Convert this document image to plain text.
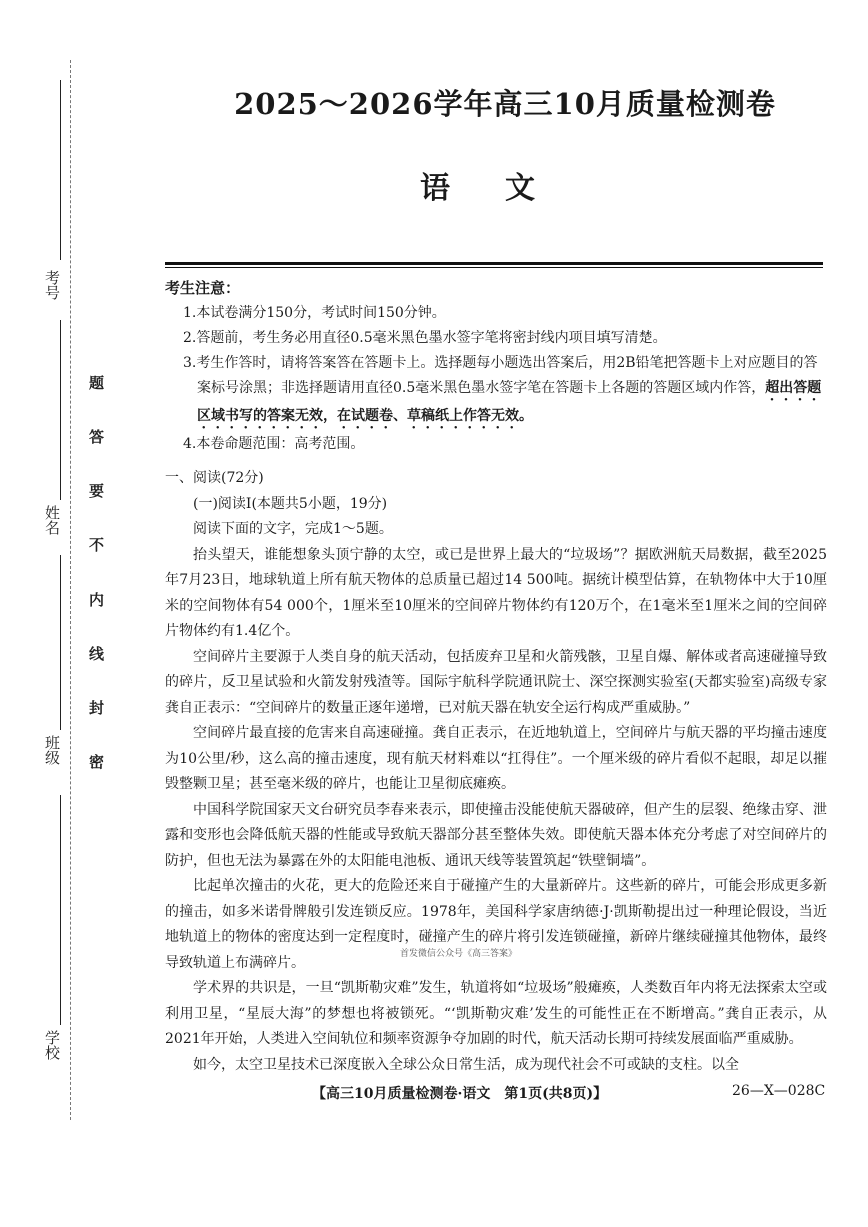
考号
姓名
班级
学校
题
答
要
不
内
线
封
密
2025～2026学年高三10月质量检测卷
语文
考生注意：

1.本试卷满分150分，考试时间150分钟。

2.答题前，考生务必用直径0.5毫米黑色墨水签字笔将密封线内项目填写清楚。

3.考生作答时，请将答案答在答题卡上。选择题每小题选出答案后，用2B铅笔把答题卡上对应题目的答案标号涂黑；非选择题请用直径0.5毫米黑色墨水签字笔在答题卡上各题的答题区域内作答，超出答题区域书写的答案无效，在试题卷、草稿纸上作答无效。

4.本卷命题范围：高考范围。

一、阅读(72分)

(一)阅读Ⅰ(本题共5小题，19分)

阅读下面的文字，完成1～5题。

抬头望天，谁能想象头顶宁静的太空，或已是世界上最大的“垃圾场”？据欧洲航天局数据，截至2025年7月23日，地球轨道上所有航天物体的总质量已超过14 500吨。据统计模型估算，在轨物体中大于10厘米的空间物体有54 000个，1厘米至10厘米的空间碎片物体约有120万个，在1毫米至1厘米之间的空间碎片物体约有1.4亿个。

空间碎片主要源于人类自身的航天活动，包括废弃卫星和火箭残骸，卫星自爆、解体或者高速碰撞导致的碎片，反卫星试验和火箭发射残渣等。国际宇航科学院通讯院士、深空探测实验室(天都实验室)高级专家龚自正表示：“空间碎片的数量正逐年递增，已对航天器在轨安全运行构成严重威胁。”

空间碎片最直接的危害来自高速碰撞。龚自正表示，在近地轨道上，空间碎片与航天器的平均撞击速度为10公里/秒，这么高的撞击速度，现有航天材料难以“扛得住”。一个厘米级的碎片看似不起眼，却足以摧毁整颗卫星；甚至毫米级的碎片，也能让卫星彻底瘫痪。

中国科学院国家天文台研究员李春来表示，即使撞击没能使航天器破碎，但产生的层裂、绝缘击穿、泄露和变形也会降低航天器的性能或导致航天器部分甚至整体失效。即使航天器本体充分考虑了对空间碎片的防护，但也无法为暴露在外的太阳能电池板、通讯天线等装置筑起“铁壁铜墙”。

比起单次撞击的火花，更大的危险还来自于碰撞产生的大量新碎片。这些新的碎片，可能会形成更多新的撞击，如多米诺骨牌般引发连锁反应。1978年，美国科学家唐纳德·J·凯斯勒提出过一种理论假设，当近地轨道上的物体的密度达到一定程度时，碰撞产生的碎片将引发连锁碰撞，新碎片继续碰撞其他物体，最终导致轨道上布满碎片。

学术界的共识是，一旦“凯斯勒灾难”发生，轨道将如“垃圾场”般瘫痪，人类数百年内将无法探索太空或利用卫星，“星辰大海”的梦想也将被锁死。“‘凯斯勒灾难’发生的可能性正在不断增高。”龚自正表示，从2021年开始，人类进入空间轨位和频率资源争夺加剧的时代，航天活动长期可持续发展面临严重威胁。

如今，太空卫星技术已深度嵌入全球公众日常生活，成为现代社会不可或缺的支柱。以全

首发微信公众号《高三答案》
【高三10月质量检测卷·语文　第1页(共8页)】	26—X—028C
